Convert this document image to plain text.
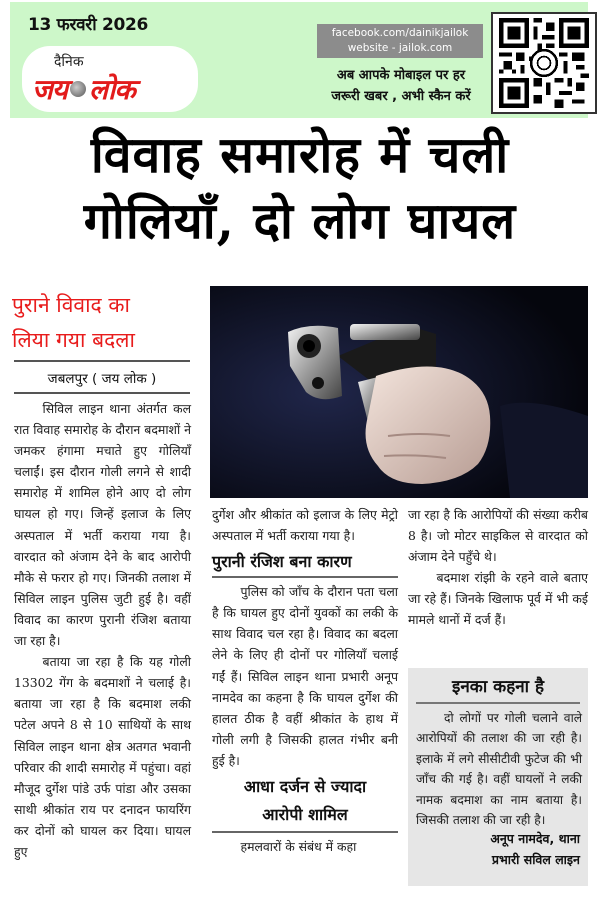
13 फरवरी 2026
दैनिक
जय लोक
facebook.com/dainikjailok
website - jailok.com
अब आपके मोबाइल पर हर
जरूरी खबर , अभी स्कैन करें
विवाह समारोह में चली
गोलियाँ, दो लोग घायल
पुराने विवाद का
लिया गया बदला
जबलपुर ( जय लोक )

सिविल लाइन थाना अंतर्गत कल रात विवाह समारोह के दौरान बदमाशों ने जमकर हंगामा मचाते हुए गोलियाँ चलाईं। इस दौरान गोली लगने से शादी समारोह में शामिल होने आए दो लोग घायल हो गए। जिन्हें इलाज के लिए अस्पताल में भर्ती कराया गया है। वारदात को अंजाम देने के बाद आरोपी मौके से फरार हो गए। जिनकी तलाश में सिविल लाइन पुलिस जुटी हुई है। वहीं विवाद का कारण पुरानी रंजिश बताया जा रहा है।

बताया जा रहा है कि यह गोली 13302 गेंग के बदमाशों ने चलाई है। बताया जा रहा है कि बदमाश लकी पटेल अपने 8 से 10 साथियों के साथ सिविल लाइन थाना क्षेत्र अतगत भवानी परिवार की शादी समारोह में पहुंचा। वहां मौजूद दुर्गेश पांडे उर्फ पांडा और उसका साथी श्रीकांत राय पर दनादन फायरिंग कर दोनों को घायल कर दिया। घायल हुए

दुर्गेश और श्रीकांत को इलाज के लिए मेट्रो अस्पताल में भर्ती कराया गया है।

पुरानी रंजिश बना कारण

पुलिस को जाँच के दौरान पता चला है कि घायल हुए दोनों युवकों का लकी के साथ विवाद चल रहा है। विवाद का बदला लेने के लिए ही दोनों पर गोलियाँ चलाई गईं हैं। सिविल लाइन थाना प्रभारी अनूप नामदेव का कहना है कि घायल दुर्गेश की हालत ठीक है वहीं श्रीकांत के हाथ में गोली लगी है जिसकी हालत गंभीर बनी हुई है।

आधा दर्जन से ज्यादा
आरोपी शामिल

हमलवारों के संबंध में कहा

जा रहा है कि आरोपियों की संख्या करीब 8 है। जो मोटर साइकिल से वारदात को अंजाम देने पहुँचे थे।

बदमाश रांझी के रहने वाले बताए जा रहे हैं। जिनके खिलाफ पूर्व में भी कई मामले थानों में दर्ज हैं।

इनका कहना है

दो लोगों पर गोली चलाने वाले आरोपियों की तलाश की जा रही है। इलाके में लगे सीसीटीवी फुटेज की भी जाँच की गई है। वहीं घायलों ने लकी नामक बदमाश का नाम बताया है। जिसकी तलाश की जा रही है।

अनूप नामदेव, थाना
प्रभारी सविल लाइन
